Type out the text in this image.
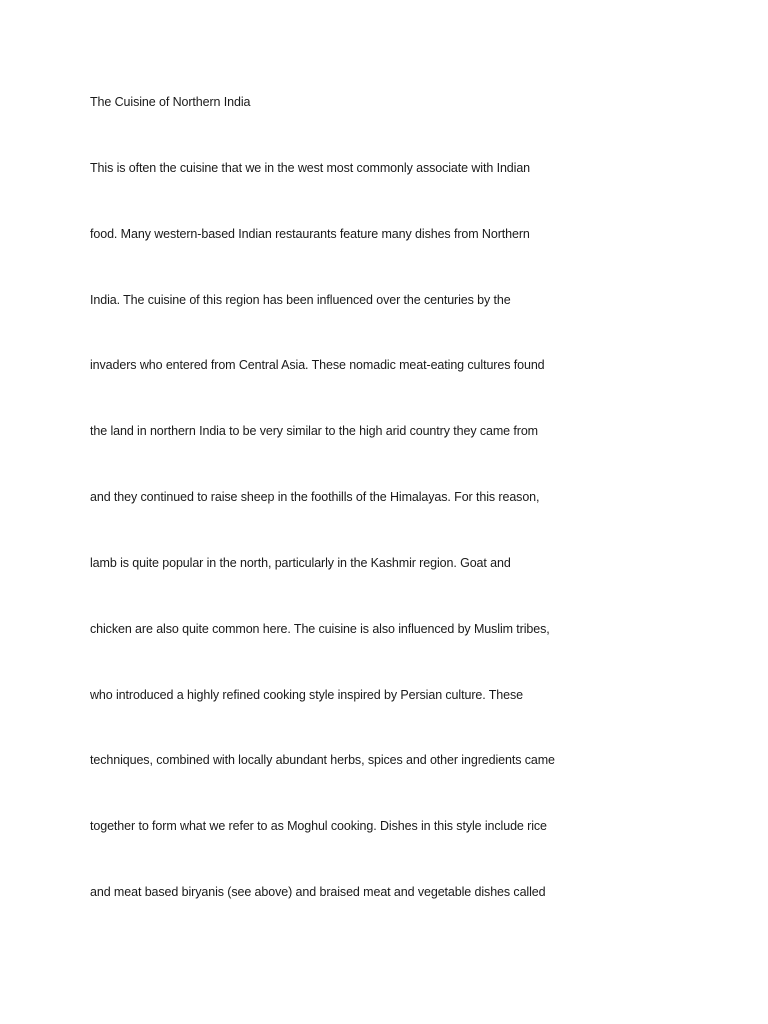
The Cuisine of Northern India
This is often the cuisine that we in the west most commonly associate with Indian
food. Many western-based Indian restaurants feature many dishes from Northern
India. The cuisine of this region has been influenced over the centuries by the
invaders who entered from Central Asia. These nomadic meat-eating cultures found
the land in northern India to be very similar to the high arid country they came from
and they continued to raise sheep in the foothills of the Himalayas. For this reason,
lamb is quite popular in the north, particularly in the Kashmir region. Goat and
chicken are also quite common here. The cuisine is also influenced by Muslim tribes,
who introduced a highly refined cooking style inspired by Persian culture. These
techniques, combined with locally abundant herbs, spices and other ingredients came
together to form what we refer to as Moghul cooking. Dishes in this style include rice
and meat based biryanis (see above) and braised meat and vegetable dishes called
